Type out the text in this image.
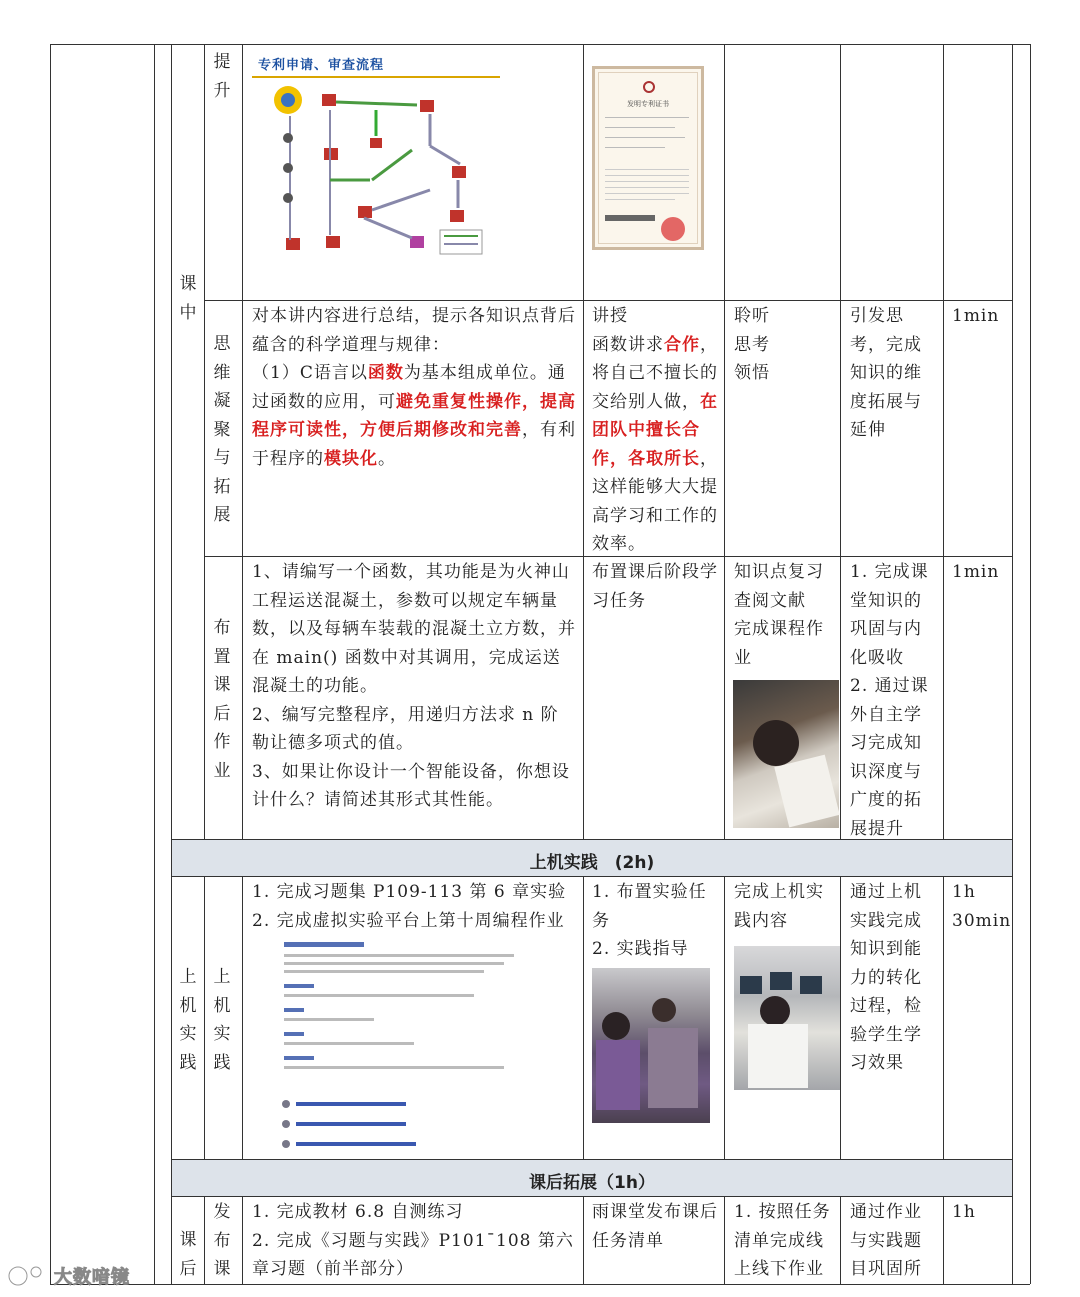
课中
提升
专利申请、审查流程
发明专利证书
思维凝聚与拓展
对本讲内容进行总结，提示各知识点背后蕴含的科学道理与规律：
（1）C语言以函数为基本组成单位。通过函数的应用，可避免重复性操作，提高程序可读性，方便后期修改和完善，有利于程序的模块化。
讲授
函数讲求合作，将自己不擅长的交给别人做，在团队中擅长合作，各取所长，这样能够大大提高学习和工作的效率。
聆听
思考
领悟
引发思考，完成知识的维度拓展与延伸
1min
布置课后作业
1、请编写一个函数，其功能是为火神山工程运送混凝土，参数可以规定车辆量数，以及每辆车装载的混凝土立方数，并在 main() 函数中对其调用，完成运送混凝土的功能。
2、编写完整程序，用递归方法求 n 阶勒让德多项式的值。
3、如果让你设计一个智能设备，你想设计什么？请简述其形式其性能。
布置课后阶段学习任务
知识点复习
查阅文献
完成课程作业
1. 完成课堂知识的巩固与内化吸收
2. 通过课外自主学习完成知识深度与广度的拓展提升
1min
上机实践　(2h)
上机实践
上机实践
1. 完成习题集 P109-113 第 6 章实验
2. 完成虚拟实验平台上第十周编程作业
1. 布置实验任务
2. 实践指导
完成上机实践内容
通过上机实践完成知识到能力的转化过程，检验学生学习效果
1h 30min
课后拓展（1h）
课后
发布课
1. 完成教材 6.8 自测练习
2. 完成《习题与实践》P101¯108 第六章习题（前半部分）
雨课堂发布课后任务清单
1. 按照任务清单完成线上线下作业
通过作业与实践题目巩固所
1h
大数喑镜
